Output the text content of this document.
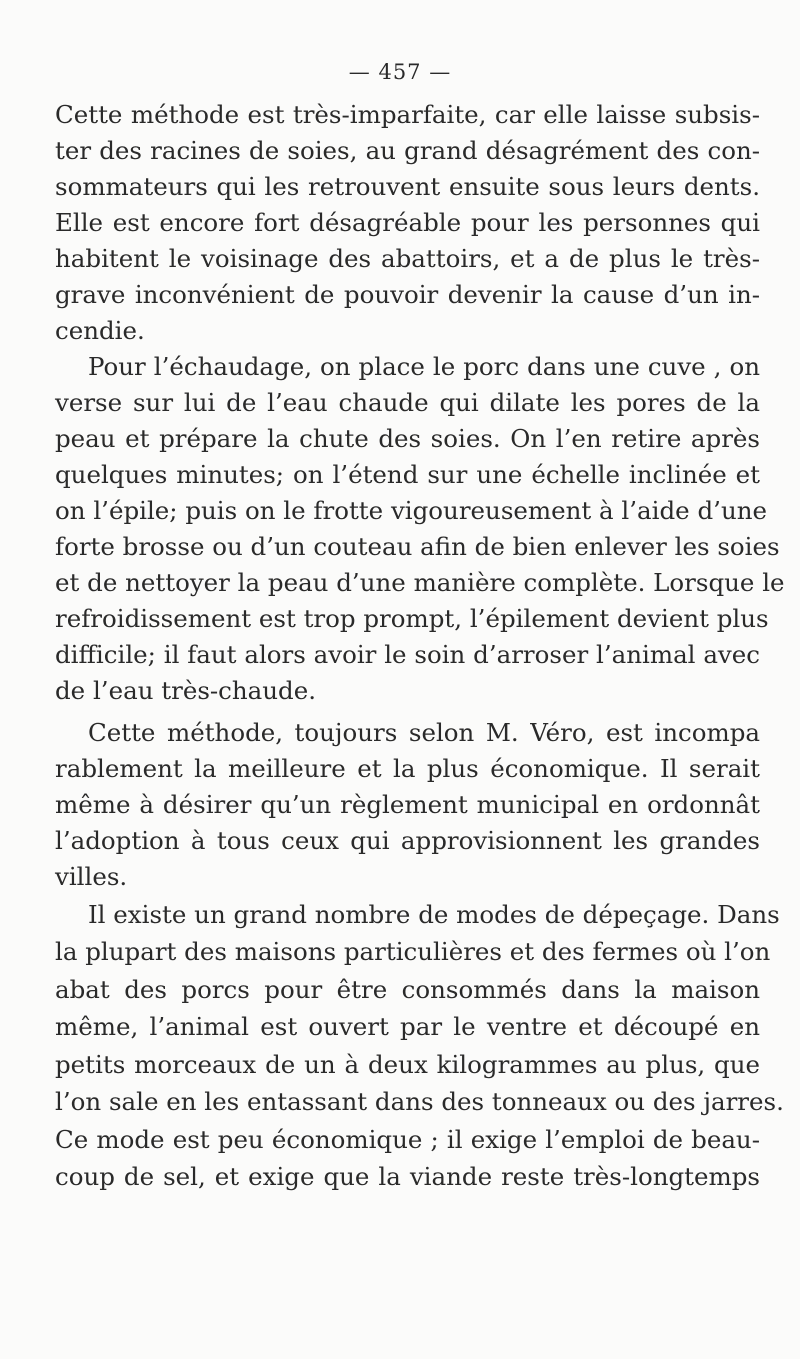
— 457 —
Cette méthode est très-imparfaite, car elle laisse subsis-
ter des racines de soies, au grand désagrément des con-
sommateurs qui les retrouvent ensuite sous leurs dents.
Elle est encore fort désagréable pour les personnes qui
habitent le voisinage des abattoirs, et a de plus le très-
grave inconvénient de pouvoir devenir la cause d’un in-
cendie.
Pour l’échaudage, on place le porc dans une cuve , on
verse sur lui de l’eau chaude qui dilate les pores de la
peau et prépare la chute des soies. On l’en retire après
quelques minutes; on l’étend sur une échelle inclinée et
on l’épile; puis on le frotte vigoureusement à l’aide d’une
forte brosse ou d’un couteau afin de bien enlever les soies
et de nettoyer la peau d’une manière complète. Lorsque le
refroidissement est trop prompt, l’épilement devient plus
difficile; il faut alors avoir le soin d’arroser l’animal avec
de l’eau très-chaude.
Cette méthode, toujours selon M. Véro, est incompa
rablement la meilleure et la plus économique. Il serait
même à désirer qu’un règlement municipal en ordonnât
l’adoption à tous ceux qui approvisionnent les grandes
villes.
Il existe un grand nombre de modes de dépeçage. Dans
la plupart des maisons particulières et des fermes où l’on
abat des porcs pour être consommés dans la maison
même, l’animal est ouvert par le ventre et découpé en
petits morceaux de un à deux kilogrammes au plus, que
l’on sale en les entassant dans des tonneaux ou des jarres.
Ce mode est peu économique ; il exige l’emploi de beau-
coup de sel, et exige que la viande reste très-longtemps
